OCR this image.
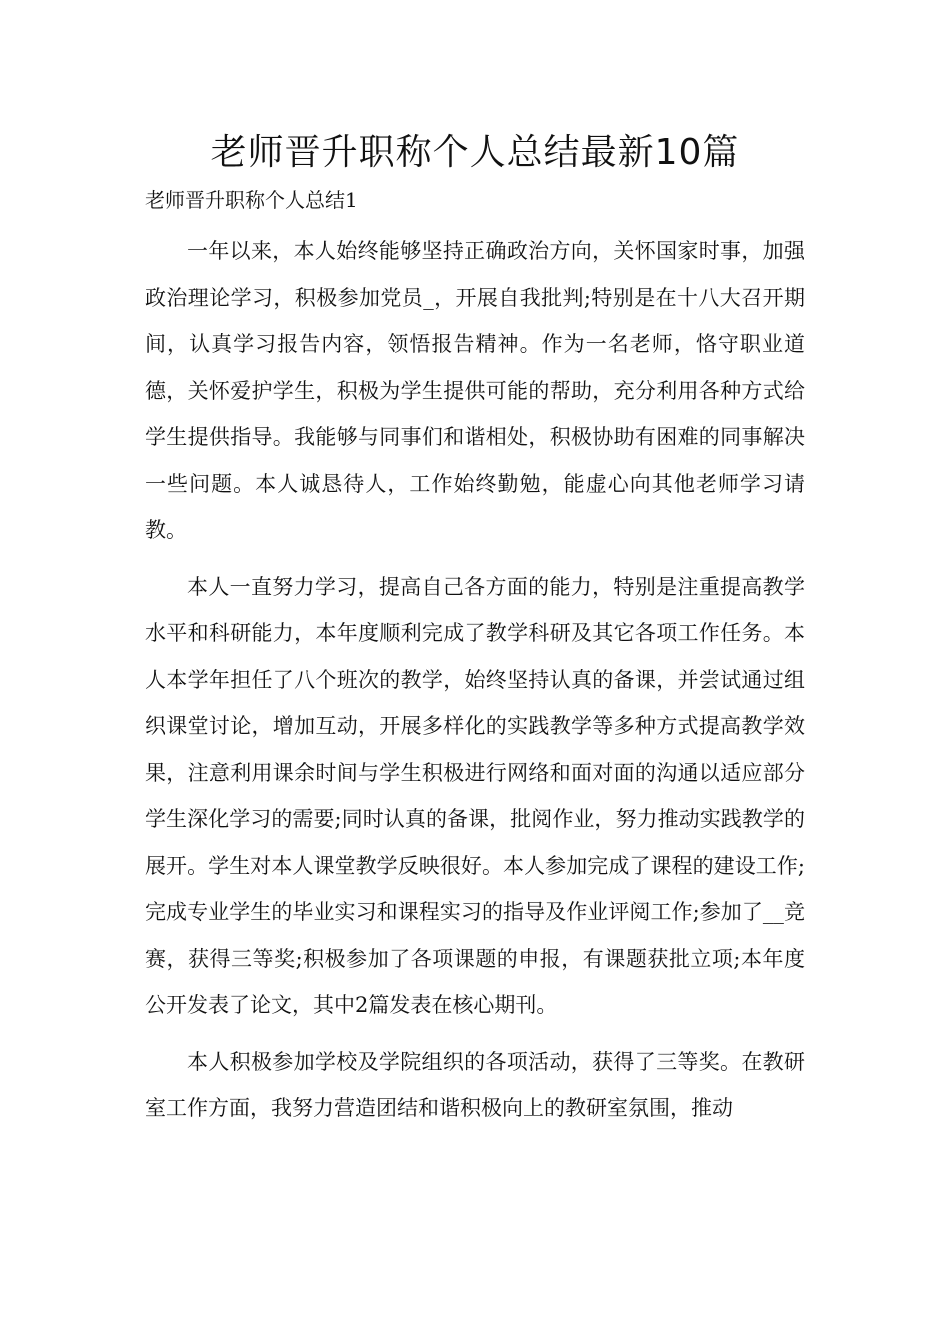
老师晋升职称个人总结最新10篇

老师晋升职称个人总结1

一年以来，本人始终能够坚持正确政治方向，关怀国家时事，加强政治理论学习，积极参加党员_，开展自我批判;特别是在十八大召开期间，认真学习报告内容，领悟报告精神。作为一名老师，恪守职业道德，关怀爱护学生，积极为学生提供可能的帮助，充分利用各种方式给学生提供指导。我能够与同事们和谐相处，积极协助有困难的同事解决一些问题。本人诚恳待人，工作始终勤勉，能虚心向其他老师学习请教。

本人一直努力学习，提高自己各方面的能力，特别是注重提高教学水平和科研能力，本年度顺利完成了教学科研及其它各项工作任务。本人本学年担任了八个班次的教学，始终坚持认真的备课，并尝试通过组织课堂讨论，增加互动，开展多样化的实践教学等多种方式提高教学效果，注意利用课余时间与学生积极进行网络和面对面的沟通以适应部分学生深化学习的需要;同时认真的备课，批阅作业，努力推动实践教学的展开。学生对本人课堂教学反映很好。本人参加完成了课程的建设工作;完成专业学生的毕业实习和课程实习的指导及作业评阅工作;参加了__竞赛，获得三等奖;积极参加了各项课题的申报，有课题获批立项;本年度公开发表了论文，其中2篇发表在核心期刊。

本人积极参加学校及学院组织的各项活动，获得了三等奖。在教研室工作方面，我努力营造团结和谐积极向上的教研室氛围，推动
